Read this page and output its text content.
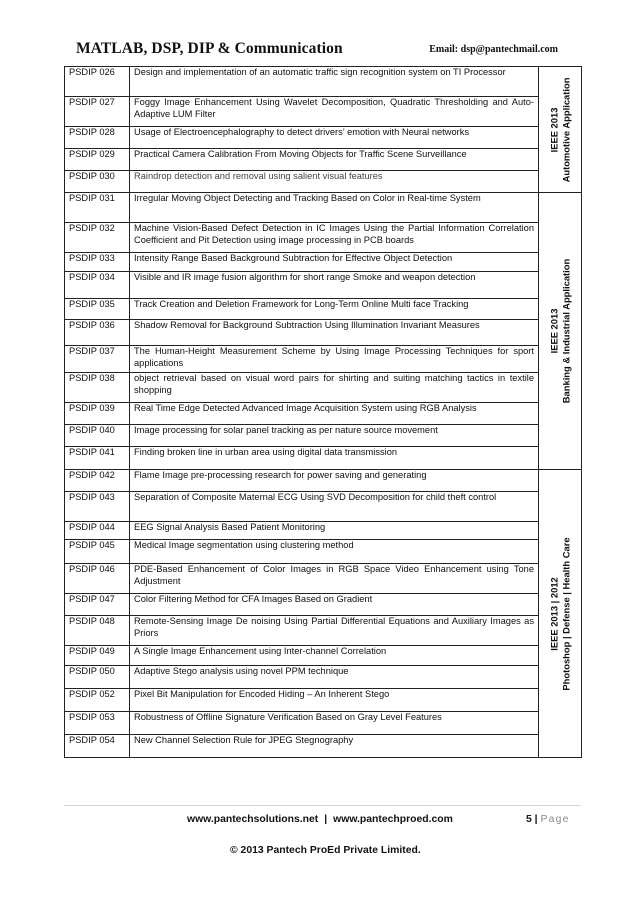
MATLAB, DSP, DIP & Communication	Email: dsp@pantechmail.com
PSDIP 026	Design and implementation of an automatic traffic sign recognition system on TI Processor	IEEE 2013 Automotive Application

PSDIP 027	Foggy Image Enhancement Using Wavelet Decomposition, Quadratic Thresholding and Auto-Adaptive LUM Filter	
PSDIP 028	Usage of Electroencephalography to detect drivers’ emotion with Neural networks	
PSDIP 029	Practical Camera Calibration From Moving Objects for Traffic Scene Surveillance	
PSDIP 030	Raindrop detection and removal using salient visual features	
PSDIP 031	Irregular Moving Object Detecting and Tracking Based on Color in Real-time System	IEEE 2013 Banking & Industrial Application

PSDIP 032	Machine Vision-Based Defect Detection in IC Images Using the Partial Information Correlation Coefficient and Pit Detection using image processing in PCB boards	
PSDIP 033	Intensity Range Based Background Subtraction for Effective Object Detection	
PSDIP 034	Visible and IR image fusion algorithm for short range Smoke and weapon detection	
PSDIP 035	Track Creation and Deletion Framework for Long-Term Online Multi face Tracking	
PSDIP 036	Shadow Removal for Background Subtraction Using Illumination Invariant Measures	
PSDIP 037	The Human-Height Measurement Scheme by Using Image Processing Techniques for sport applications	
PSDIP 038	object retrieval based on visual word pairs for shirting and suiting matching tactics in textile shopping	
PSDIP 039	Real Time Edge Detected Advanced Image Acquisition System using RGB Analysis	
PSDIP 040	Image processing for solar panel tracking as per nature source movement	
PSDIP 041	Finding broken line in urban area using digital data transmission	
PSDIP 042	Flame Image pre-processing research for power saving and generating	IEEE 2013 | 2012 Photoshop | Defense | Health Care

PSDIP 043	Separation of Composite Maternal ECG Using SVD Decomposition for child theft control	
PSDIP 044	EEG Signal Analysis Based Patient Monitoring	
PSDIP 045	Medical Image segmentation using clustering method	
PSDIP 046	PDE-Based Enhancement of Color Images in RGB Space Video Enhancement using Tone Adjustment	
PSDIP 047	Color Filtering Method for CFA Images Based on Gradient	
PSDIP 048	Remote-Sensing Image De noising Using Partial Differential Equations and Auxiliary Images as Priors	
PSDIP 049	A Single Image Enhancement using Inter-channel Correlation	
PSDIP 050	Adaptive Stego analysis using novel PPM technique	
PSDIP 052	Pixel Bit Manipulation for Encoded Hiding – An Inherent Stego	
PSDIP 053	Robustness of Offline Signature Verification Based on Gray Level Features	
PSDIP 054	New Channel Selection Rule for JPEG Stegnography	
www.pantechsolutions.net | www.pantechproed.com	5 | Page
© 2013 Pantech ProEd Private Limited.
